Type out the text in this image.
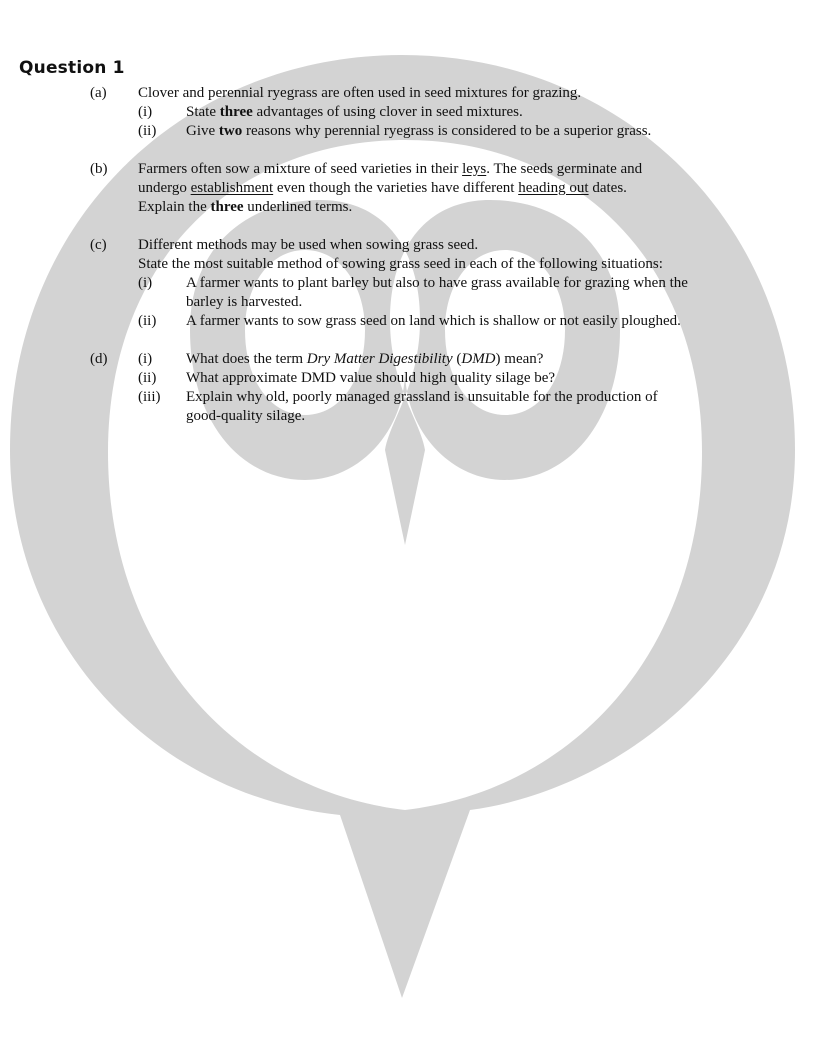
Question 1
(a) Clover and perennial ryegrass are often used in seed mixtures for grazing.
(i) State three advantages of using clover in seed mixtures.
(ii) Give two reasons why perennial ryegrass is considered to be a superior grass.
(b) Farmers often sow a mixture of seed varieties in their leys. The seeds germinate and
undergo establishment even though the varieties have different heading out dates.
Explain the three underlined terms.
(c) Different methods may be used when sowing grass seed.
State the most suitable method of sowing grass seed in each of the following situations:
(i) A farmer wants to plant barley but also to have grass available for grazing when the
barley is harvested.
(ii) A farmer wants to sow grass seed on land which is shallow or not easily ploughed.
(d) (i) What does the term Dry Matter Digestibility (DMD) mean?
(ii) What approximate DMD value should high quality silage be?
(iii) Explain why old, poorly managed grassland is unsuitable for the production of
good-quality silage.
